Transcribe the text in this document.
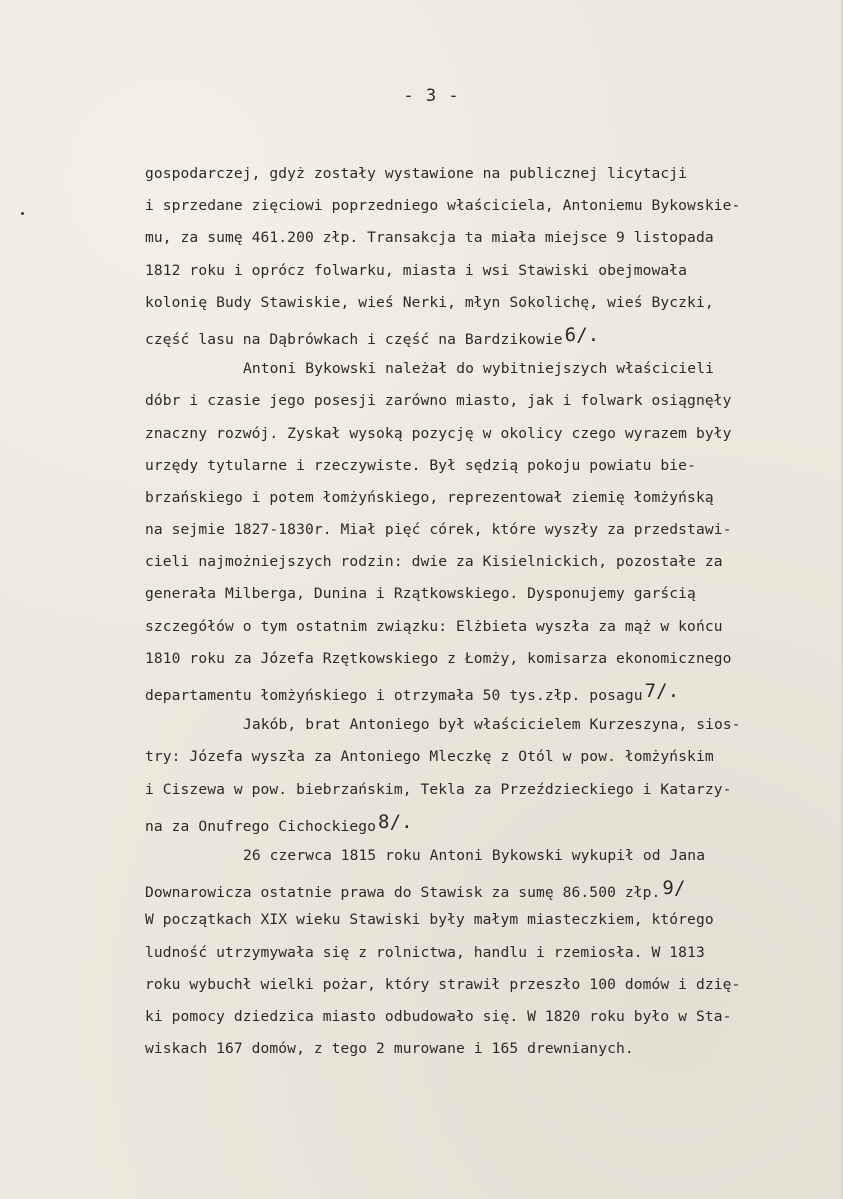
- 3 -
gospodarczej, gdyż zostały wystawione na publicznej licytacji
i sprzedane zięciowi poprzedniego właściciela, Antoniemu Bykowskie-
mu, za sumę 461.200 złp. Transakcja ta miała miejsce 9 listopada
1812 roku i oprócz folwarku, miasta i wsi Stawiski obejmowała
kolonię Budy Stawiskie, wieś Nerki, młyn Sokolichę, wieś Byczki,
część lasu na Dąbrówkach i część na Bardzikowie 6/.
Antoni Bykowski należał do wybitniejszych właścicieli
dóbr i czasie jego posesji zarówno miasto, jak i folwark osiągnęły
znaczny rozwój. Zyskał wysoką pozycję w okolicy czego wyrazem były
urzędy tytularne i rzeczywiste. Był sędzią pokoju powiatu bie-
brzańskiego i potem łomżyńskiego, reprezentował ziemię łomżyńską
na sejmie 1827-1830r. Miał pięć córek, które wyszły za przedstawi-
cieli najmożniejszych rodzin: dwie za Kisielnickich, pozostałe za
generała Milberga, Dunina i Rzątkowskiego. Dysponujemy garścią
szczegółów o tym ostatnim związku: Elżbieta wyszła za mąż w końcu
1810 roku za Józefa Rzętkowskiego z Łomży, komisarza ekonomicznego
departamentu łomżyńskiego i otrzymała 50 tys.złp. posagu 7/.
Jakób, brat Antoniego był właścicielem Kurzeszyna, sios-
try: Józefa wyszła za Antoniego Mleczkę z Otól w pow. łomżyńskim
i Ciszewa w pow. biebrzańskim, Tekla za Przeździeckiego i Katarzy-
na za Onufrego Cichockiego 8/.
26 czerwca 1815 roku Antoni Bykowski wykupił od Jana
Downarowicza ostatnie prawa do Stawisk za sumę 86.500 złp. 9/
W początkach XIX wieku Stawiski były małym miasteczkiem, którego
ludność utrzymywała się z rolnictwa, handlu i rzemiosła. W 1813
roku wybuchł wielki pożar, który strawił przeszło 100 domów i dzię-
ki pomocy dziedzica miasto odbudowało się. W 1820 roku było w Sta-
wiskach 167 domów, z tego 2 murowane i 165 drewnianych.
